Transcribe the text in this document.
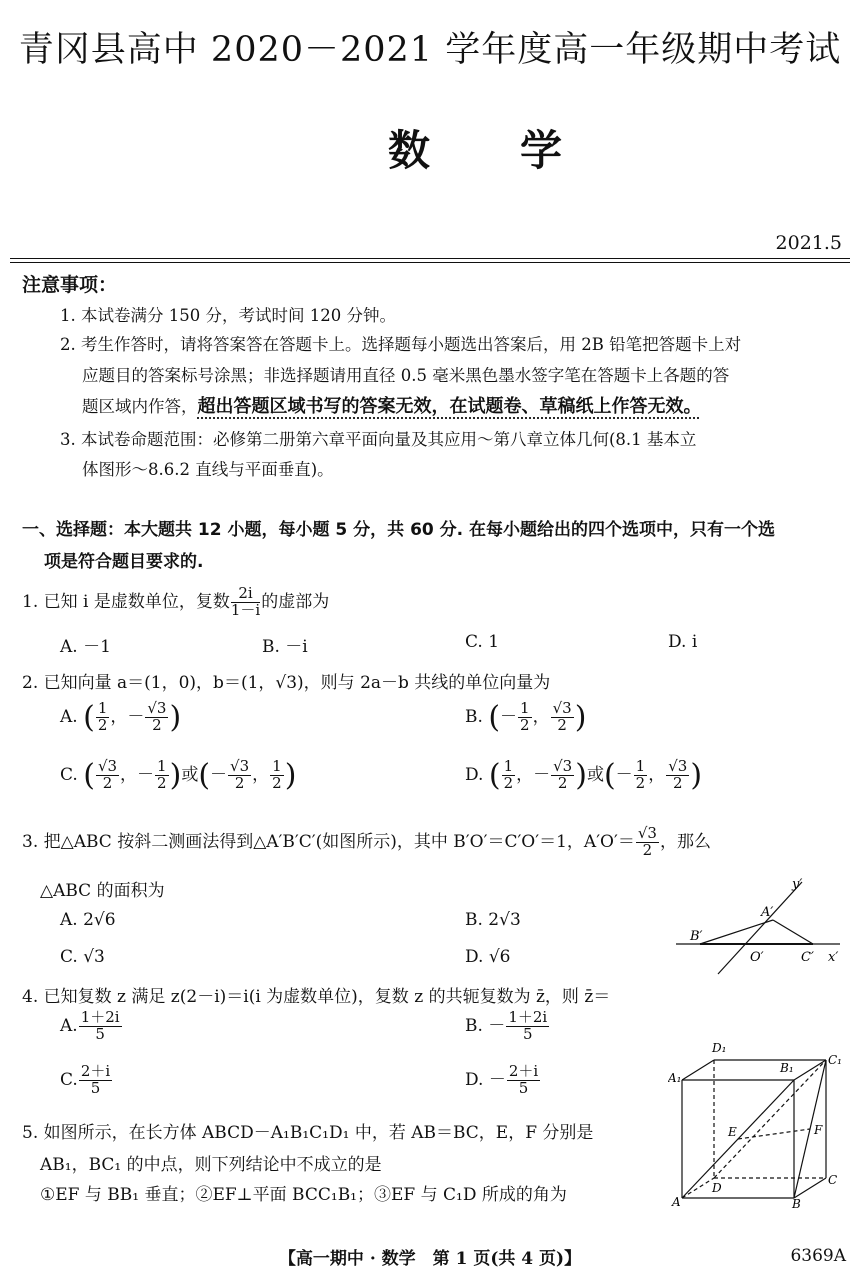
青冈县高中 2020－2021 学年度高一年级期中考试
数学
2021.5
注意事项：
1. 本试卷满分 150 分，考试时间 120 分钟。
2. 考生作答时，请将答案答在答题卡上。选择题每小题选出答案后，用 2B 铅笔把答题卡上对
应题目的答案标号涂黑；非选择题请用直径 0.5 毫米黑色墨水签字笔在答题卡上各题的答
题区域内作答，超出答题区域书写的答案无效，在试题卷、草稿纸上作答无效。
3. 本试卷命题范围：必修第二册第六章平面向量及其应用～第八章立体几何(8.1 基本立
体图形～8.6.2 直线与平面垂直)。
一、选择题：本大题共 12 小题，每小题 5 分，共 60 分. 在每小题给出的四个选项中，只有一个选
项是符合题目要求的.
1. 已知 i 是虚数单位，复数 $\frac{2i}{1-i}$ 的虚部为
A. －1	B. －i	C. 1	D. i
2. 已知向量 a＝(1，0)，b＝(1，√3)，则与 2a－b 共线的单位向量为
A. ( $\frac{1}{2}$ ，－ $\frac{√3}{2}$ )	B. (－ $\frac{1}{2}$ ， $\frac{√3}{2}$ )
C. ( $\frac{√3}{2}$ ，－ $\frac{1}{2}$ )或(－ $\frac{√3}{2}$ ， $\frac{1}{2}$ )	D. ( $\frac{1}{2}$ ，－ $\frac{√3}{2}$ )或(－ $\frac{1}{2}$ ， $\frac{√3}{2}$ )
3. 把△ABC 按斜二测画法得到△A′B′C′(如图所示)，其中 B′O′＝C′O′＝1，$A'O'= \frac{√3}{2}$ ，那么
△ABC 的面积为
A. 2√6	B. 2√3
C. √3	D. √6
y′
x′
A′
B′
O′	C′
4. 已知复数 z 满足 z(2－i)＝i(i 为虚数单位)，复数 z 的共轭复数为 z̄，则 z̄＝
A. $\frac{1+2i}{5}$	B. － $\frac{1+2i}{5}$
C. $\frac{2+i}{5}$	D. － $\frac{2+i}{5}$
5. 如图所示，在长方体 ABCD－A₁B₁C₁D₁ 中，若 AB＝BC，E，F 分别是
AB₁，BC₁ 的中点，则下列结论中不成立的是
①EF 与 BB₁ 垂直；②EF⊥平面 BCC₁B₁；③EF 与 C₁D 所成的角为
D₁
C₁
A₁
B₁
E	F
D
C
A	B
【高一期中 · 数学　第 1 页(共 4 页)】	6369A
